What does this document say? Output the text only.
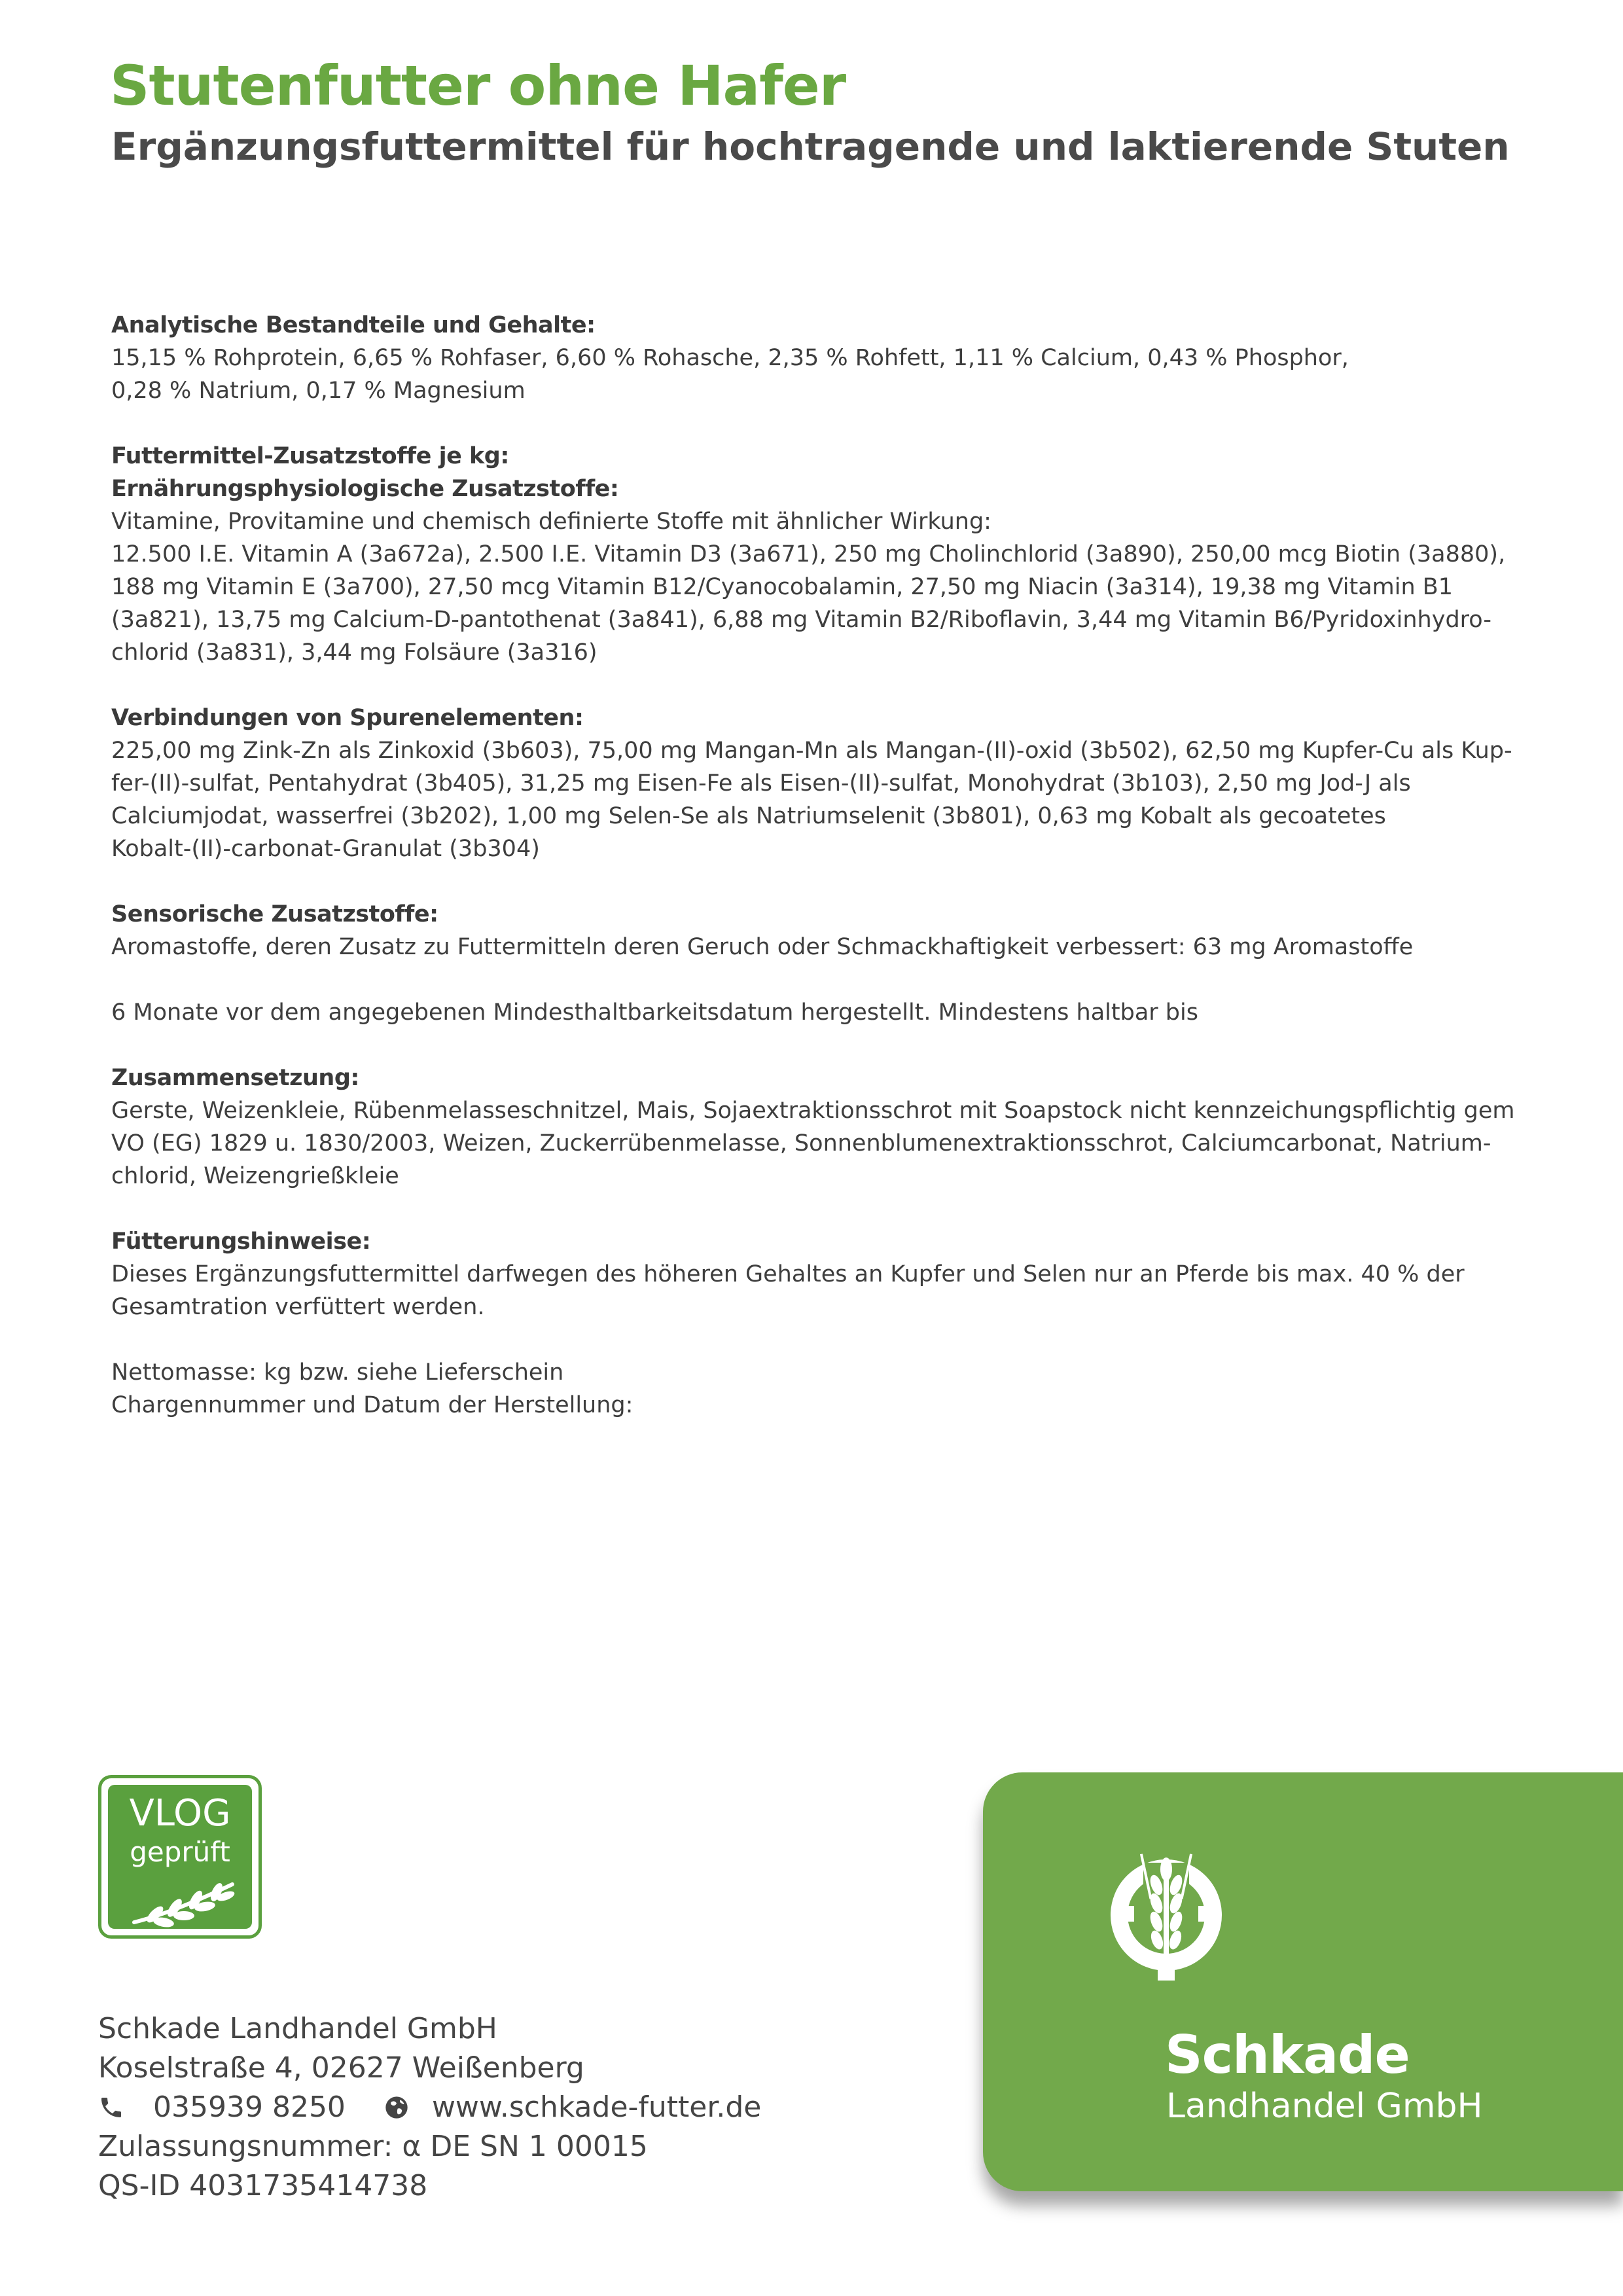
Stutenfutter ohne Hafer
Ergänzungsfuttermittel für hochtragende und laktierende Stuten

Analytische Bestandteile und Gehalte:

15,15 % Rohprotein, 6,65 % Rohfaser, 6,60 % Rohasche, 2,35 % Rohfett, 1,11 % Calcium, 0,43 % Phosphor,

0,28 % Natrium, 0,17 % Magnesium

Futtermittel-Zusatzstoffe je kg:

Ernährungsphysiologische Zusatzstoffe:

Vitamine, Provitamine und chemisch definierte Stoffe mit ähnlicher Wirkung:

12.500 I.E. Vitamin A (3a672a), 2.500 I.E. Vitamin D3 (3a671), 250 mg Cholinchlorid (3a890), 250,00 mcg Biotin (3a880),

188 mg Vitamin E (3a700), 27,50 mcg Vitamin B12/Cyanocobalamin, 27,50 mg Niacin (3a314), 19,38 mg Vitamin B1

(3a821), 13,75 mg Calcium-D-pantothenat (3a841), 6,88 mg Vitamin B2/Riboflavin, 3,44 mg Vitamin B6/Pyridoxinhydro-

chlorid (3a831), 3,44 mg Folsäure (3a316)

Verbindungen von Spurenelementen:

225,00 mg Zink-Zn als Zinkoxid (3b603), 75,00 mg Mangan-Mn als Mangan-(II)-oxid (3b502), 62,50 mg Kupfer-Cu als Kup-

fer-(II)-sulfat, Pentahydrat (3b405), 31,25 mg Eisen-Fe als Eisen-(II)-sulfat, Monohydrat (3b103), 2,50 mg Jod-J als

Calciumjodat, wasserfrei (3b202), 1,00 mg Selen-Se als Natriumselenit (3b801), 0,63 mg Kobalt als gecoatetes

Kobalt-(II)-carbonat-Granulat (3b304)

Sensorische Zusatzstoffe:

Aromastoffe, deren Zusatz zu Futtermitteln deren Geruch oder Schmackhaftigkeit verbessert: 63 mg Aromastoffe

6 Monate vor dem angegebenen Mindesthaltbarkeitsdatum hergestellt. Mindestens haltbar bis

Zusammensetzung:

Gerste, Weizenkleie, Rübenmelasseschnitzel, Mais, Sojaextraktionsschrot mit Soapstock nicht kennzeichungspflichtig gem

VO (EG) 1829 u. 1830/2003, Weizen, Zuckerrübenmelasse, Sonnenblumenextraktionsschrot, Calciumcarbonat, Natrium-

chlorid, Weizengrießkleie

Fütterungshinweise:

Dieses Ergänzungsfuttermittel darfwegen des höheren Gehaltes an Kupfer und Selen nur an Pferde bis max. 40 % der

Gesamtration verfüttert werden.

Nettomasse: kg bzw. siehe Lieferschein

Chargennummer und Datum der Herstellung:

VLOG
geprüft

Schkade Landhandel GmbH

Koselstraße 4, 02627 Weißenberg

035939 8250	www.schkade-futter.de

Zulassungsnummer: α DE SN 1 00015

QS-ID 4031735414738

Schkade
Landhandel GmbH
